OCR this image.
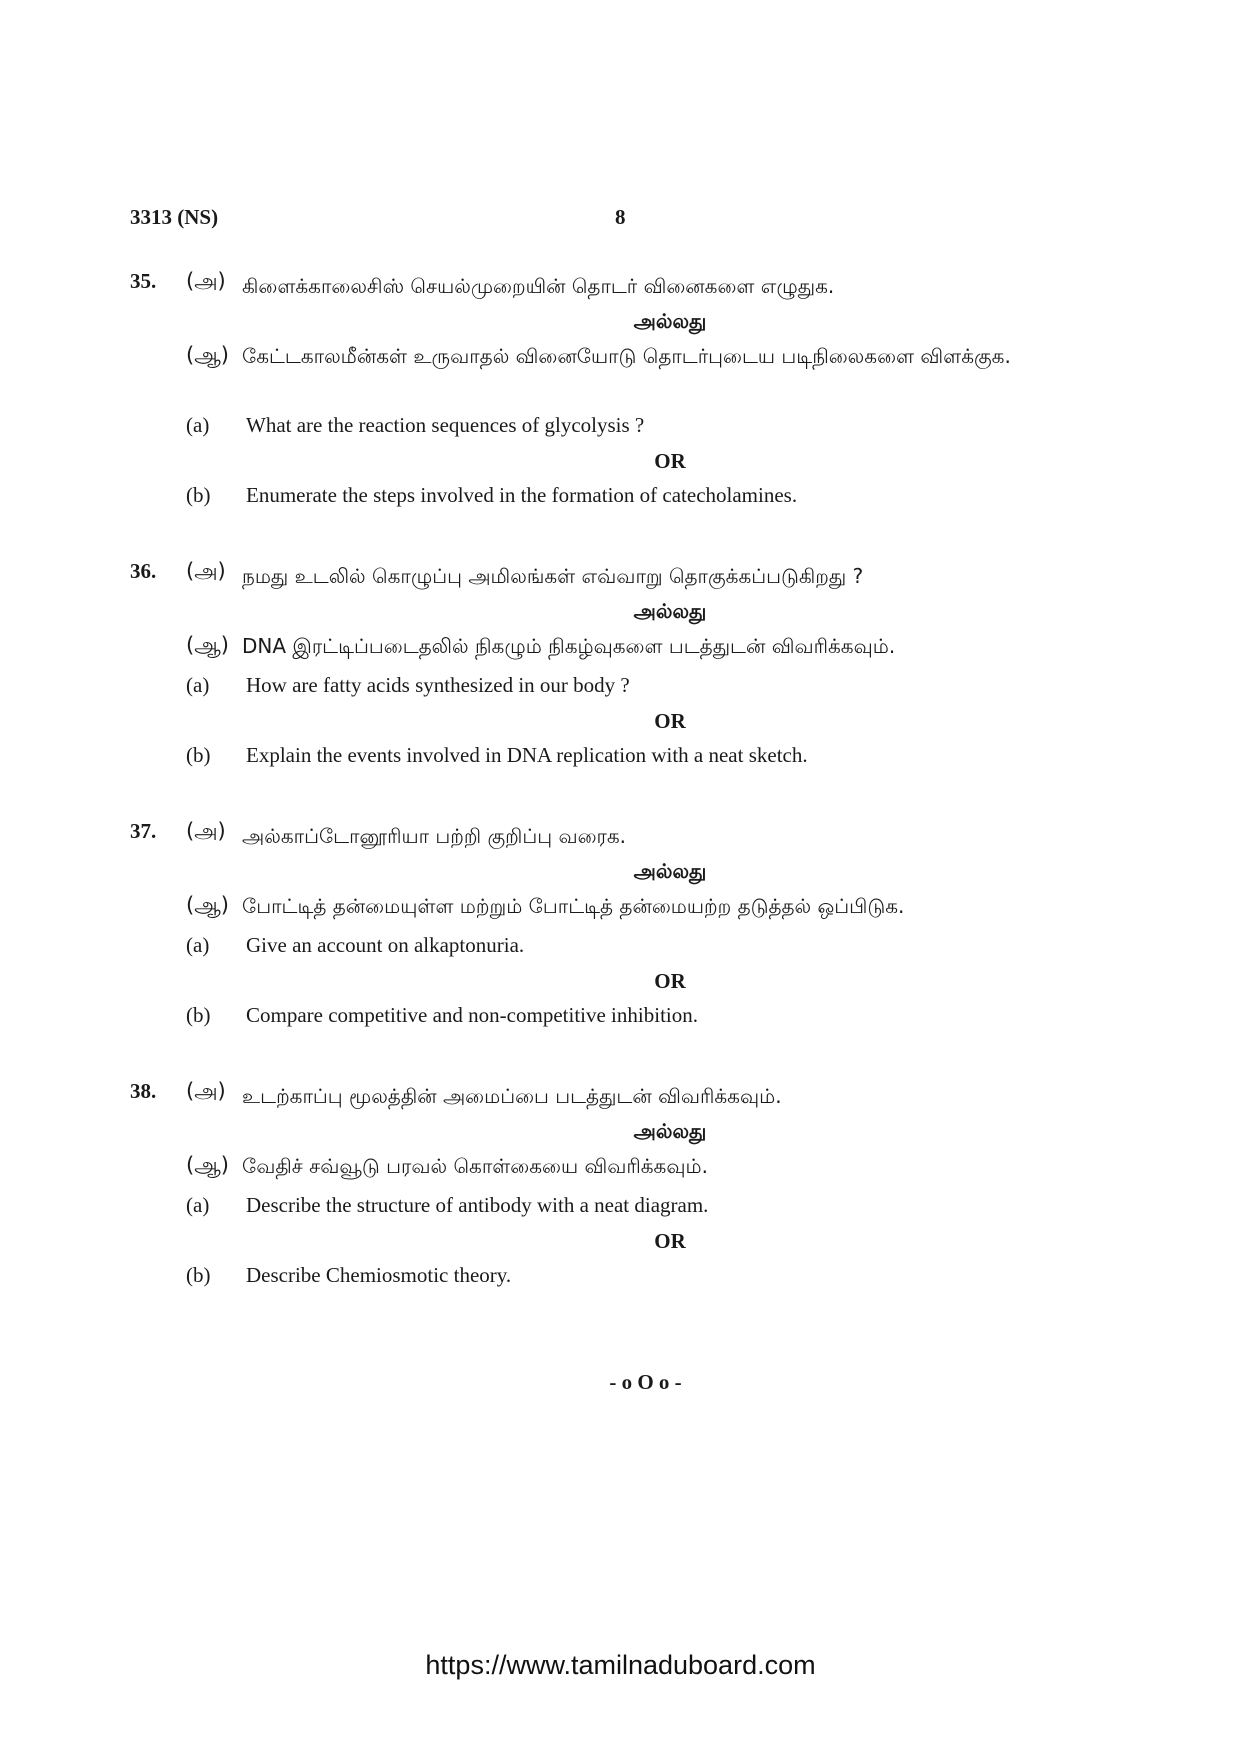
3313 (NS)	8
35.	(அ) கிளைக்காலைசிஸ் செயல்முறையின் தொடர் வினைகளை எழுதுக.
அல்லது
(ஆ) கேட்டகாலமீன்கள் உருவாதல் வினையோடு தொடர்புடைய படிநிலைகளை விளக்குக.
(a) What are the reaction sequences of glycolysis ?
OR
(b) Enumerate the steps involved in the formation of catecholamines.
36.	(அ) நமது உடலில் கொழுப்பு அமிலங்கள் எவ்வாறு தொகுக்கப்படுகிறது ?
அல்லது
(ஆ) DNA இரட்டிப்படைதலில் நிகழும் நிகழ்வுகளை படத்துடன் விவரிக்கவும்.
(a) How are fatty acids synthesized in our body ?
OR
(b) Explain the events involved in DNA replication with a neat sketch.
37.	(அ) அல்காப்டோனூரியா பற்றி குறிப்பு வரைக.
அல்லது
(ஆ) போட்டித் தன்மையுள்ள மற்றும் போட்டித் தன்மையற்ற தடுத்தல் ஒப்பிடுக.
(a) Give an account on alkaptonuria.
OR
(b) Compare competitive and non-competitive inhibition.
38.	(அ) உடற்காப்பு மூலத்தின் அமைப்பை படத்துடன் விவரிக்கவும்.
அல்லது
(ஆ) வேதிச் சவ்வூடு பரவல் கொள்கையை விவரிக்கவும்.
(a) Describe the structure of antibody with a neat diagram.
OR
(b) Describe Chemiosmotic theory.
- o O o -
https://www.tamilnaduboard.com
